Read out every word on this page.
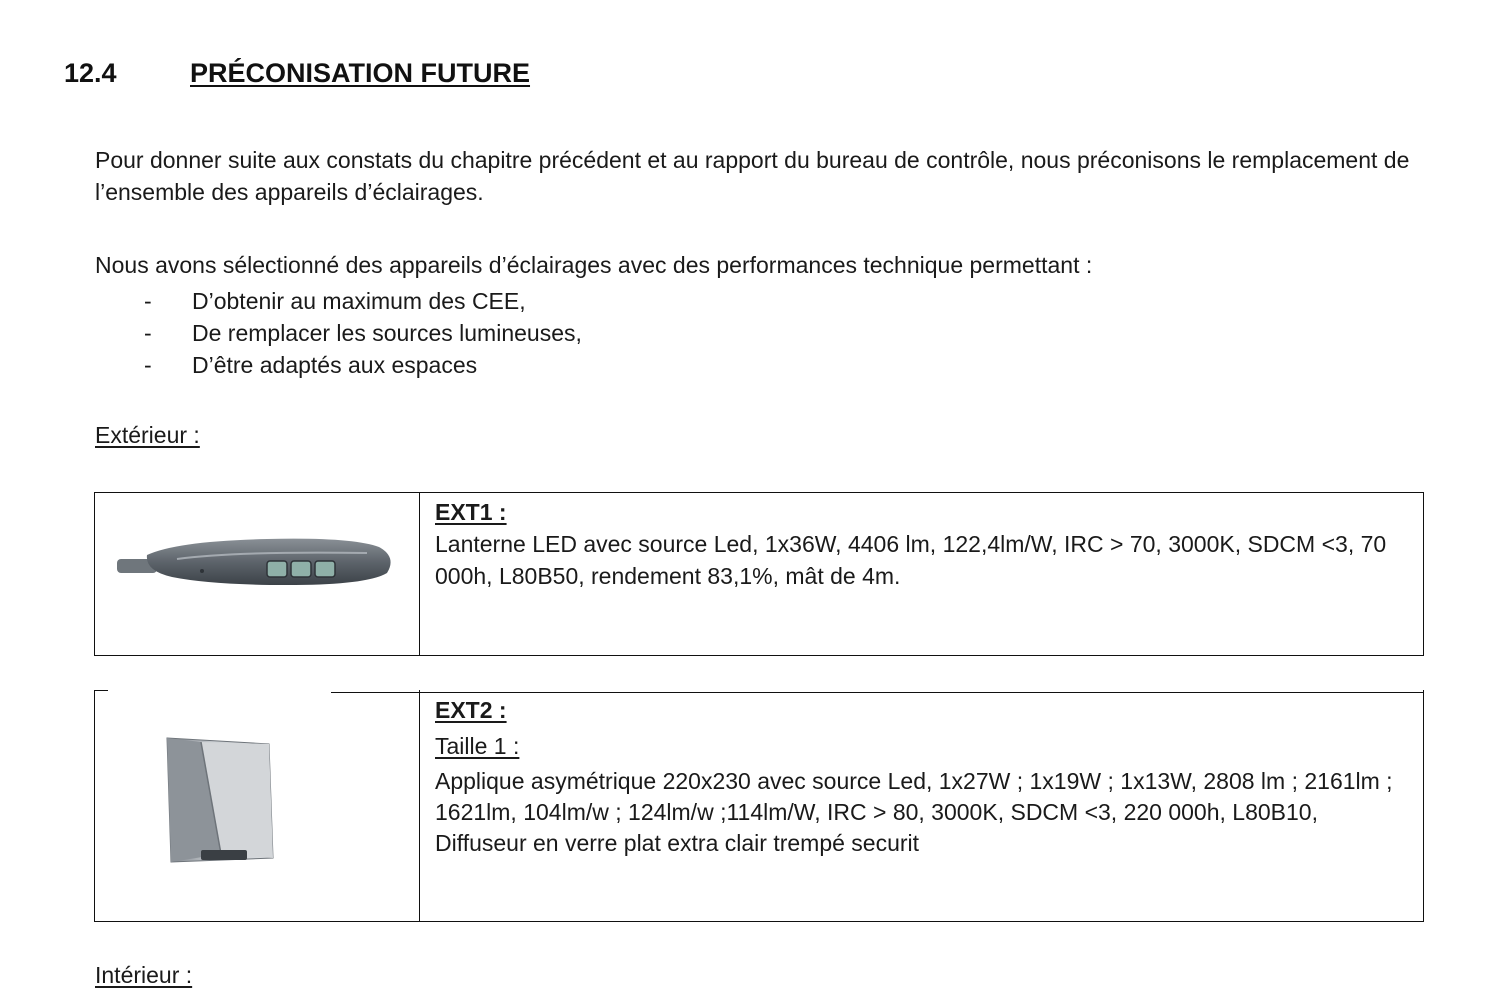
12.4	PRÉCONISATION FUTURE
Pour donner suite aux constats du chapitre précédent et au rapport du bureau de contrôle, nous préconisons le remplacement de l’ensemble des appareils d’éclairages.
Nous avons sélectionné des appareils d’éclairages avec des performances technique permettant :
- D’obtenir au maximum des CEE,
- De remplacer les sources lumineuses,
- D’être adaptés aux espaces
Extérieur :
EXT1 :
Lanterne LED avec source Led, 1x36W, 4406 lm, 122,4lm/W, IRC > 70, 3000K, SDCM <3, 70 000h, L80B50, rendement 83,1%, mât de 4m.
EXT2 :
Taille 1 :
Applique asymétrique 220x230 avec source Led, 1x27W ; 1x19W ; 1x13W, 2808 lm ; 2161lm ; 1621lm, 104lm/w ; 124lm/w ;114lm/W, IRC > 80, 3000K, SDCM <3, 220 000h, L80B10, Diffuseur en verre plat extra clair trempé securit
Intérieur :
